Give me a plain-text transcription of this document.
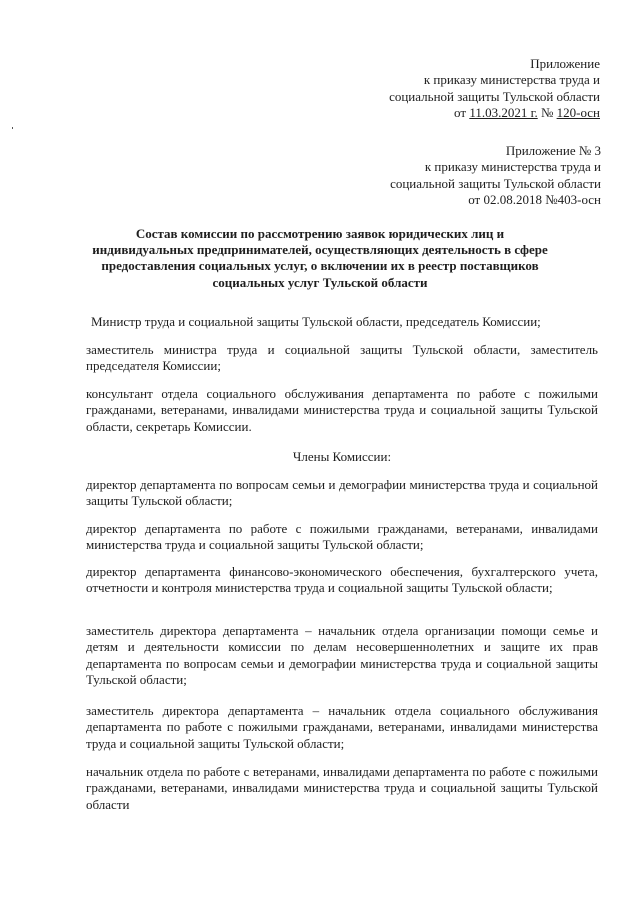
Приложение
к приказу министерства труда и
социальной защиты Тульской области
от 11.03.2021 г. № 120-осн
Приложение № 3
к приказу министерства труда и
социальной защиты Тульской области
от 02.08.2018 №403-осн
Состав комиссии по рассмотрению заявок юридических лиц и
индивидуальных предпринимателей, осуществляющих деятельность в сфере
предоставления социальных услуг, о включении их в реестр поставщиков
социальных услуг Тульской области
Министр труда и социальной защиты Тульской области, председатель Комиссии;
заместитель министра труда и социальной защиты Тульской области, заместитель председателя Комиссии;
консультант отдела социального обслуживания департамента по работе с пожилыми гражданами, ветеранами, инвалидами министерства труда и социальной защиты Тульской области, секретарь Комиссии.
Члены Комиссии:
директор департамента по вопросам семьи и демографии министерства труда и социальной защиты Тульской области;
директор департамента по работе с пожилыми гражданами, ветеранами, инвалидами министерства труда и социальной защиты Тульской области;
директор департамента финансово-экономического обеспечения, бухгалтерского учета, отчетности и контроля министерства труда и социальной защиты Тульской области;
заместитель директора департамента – начальник отдела организации помощи семье и детям и деятельности комиссии по делам несовершеннолетних и защите их прав департамента по вопросам семьи и демографии министерства труда и социальной защиты Тульской области;
заместитель директора департамента – начальник отдела социального обслуживания департамента по работе с пожилыми гражданами, ветеранами, инвалидами министерства труда и социальной защиты Тульской области;
начальник отдела по работе с ветеранами, инвалидами департамента по работе с пожилыми гражданами, ветеранами, инвалидами министерства труда и социальной защиты Тульской области
